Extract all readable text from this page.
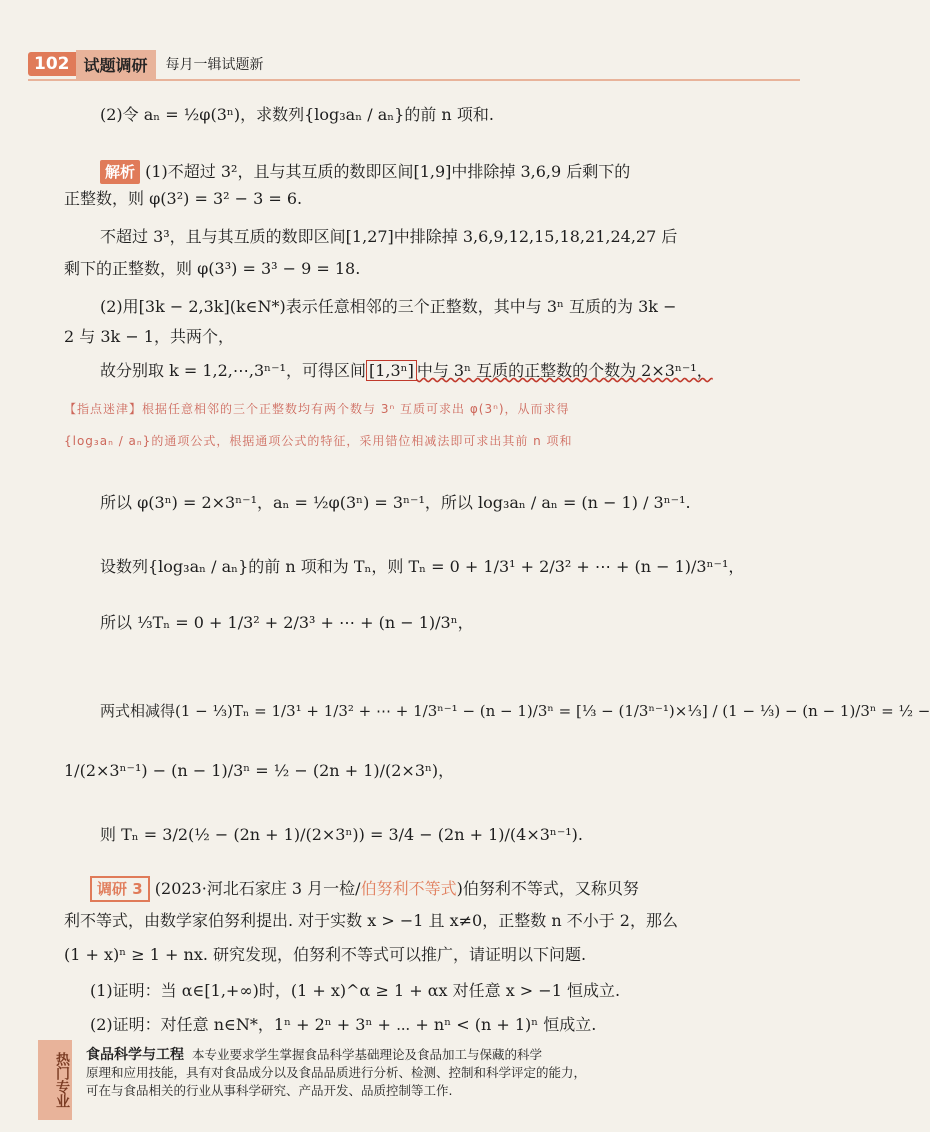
102 试题调研	每月一辑试题新
(2)令 aₙ = ½φ(3ⁿ)，求数列{log₃aₙ / aₙ}的前 n 项和.
解析 (1)不超过 3²，且与其互质的数即区间[1,9]中排除掉 3,6,9 后剩下的
正整数，则 φ(3²) = 3² − 3 = 6.
不超过 3³，且与其互质的数即区间[1,27]中排除掉 3,6,9,12,15,18,21,24,27 后
剩下的正整数，则 φ(3³) = 3³ − 9 = 18.
(2)用[3k − 2,3k](k∈N*)表示任意相邻的三个正整数，其中与 3ⁿ 互质的为 3k −
2 与 3k − 1，共两个，
故分别取 k = 1,2,⋯,3ⁿ⁻¹，可得区间 [1,3ⁿ] 中与 3ⁿ 互质的正整数的个数为 2×3ⁿ⁻¹，
【指点迷津】根据任意相邻的三个正整数均有两个数与 3ⁿ 互质可求出 φ(3ⁿ)，从而求得
{log₃aₙ / aₙ}的通项公式，根据通项公式的特征，采用错位相减法即可求出其前 n 项和
所以 φ(3ⁿ) = 2×3ⁿ⁻¹，aₙ = ½φ(3ⁿ) = 3ⁿ⁻¹，所以 log₃aₙ / aₙ = (n − 1) / 3ⁿ⁻¹.
设数列{log₃aₙ / aₙ}的前 n 项和为 Tₙ，则 Tₙ = 0 + 1/3¹ + 2/3² + ⋯ + (n − 1)/3ⁿ⁻¹，
所以 ⅓Tₙ = 0 + 1/3² + 2/3³ + ⋯ + (n − 1)/3ⁿ，
两式相减得(1 − ⅓)Tₙ = 1/3¹ + 1/3² + ⋯ + 1/3ⁿ⁻¹ − (n − 1)/3ⁿ = [⅓ − (1/3ⁿ⁻¹)×⅓] / (1 − ⅓) − (n − 1)/3ⁿ = ½ −
1/(2×3ⁿ⁻¹) − (n − 1)/3ⁿ = ½ − (2n + 1)/(2×3ⁿ)，
则 Tₙ = 3/2(½ − (2n + 1)/(2×3ⁿ)) = 3/4 − (2n + 1)/(4×3ⁿ⁻¹).
调研 3 (2023·河北石家庄 3 月一检/伯努利不等式)伯努利不等式，又称贝努
利不等式，由数学家伯努利提出. 对于实数 x > −1 且 x≠0，正整数 n 不小于 2，那么
(1 + x)ⁿ ≥ 1 + nx. 研究发现，伯努利不等式可以推广，请证明以下问题.
(1)证明：当 α∈[1,+∞)时，(1 + x)^α ≥ 1 + αx 对任意 x > −1 恒成立.
(2)证明：对任意 n∈N*，1ⁿ + 2ⁿ + 3ⁿ + ⋯ + nⁿ < (n + 1)ⁿ 恒成立.
热门专业 食品科学与工程 本专业要求学生掌握食品科学基础理论及食品加工与保藏的科学
原理和应用技能，具有对食品成分以及食品品质进行分析、检测、控制和科学评定的能力，
可在与食品相关的行业从事科学研究、产品开发、品质控制等工作.
